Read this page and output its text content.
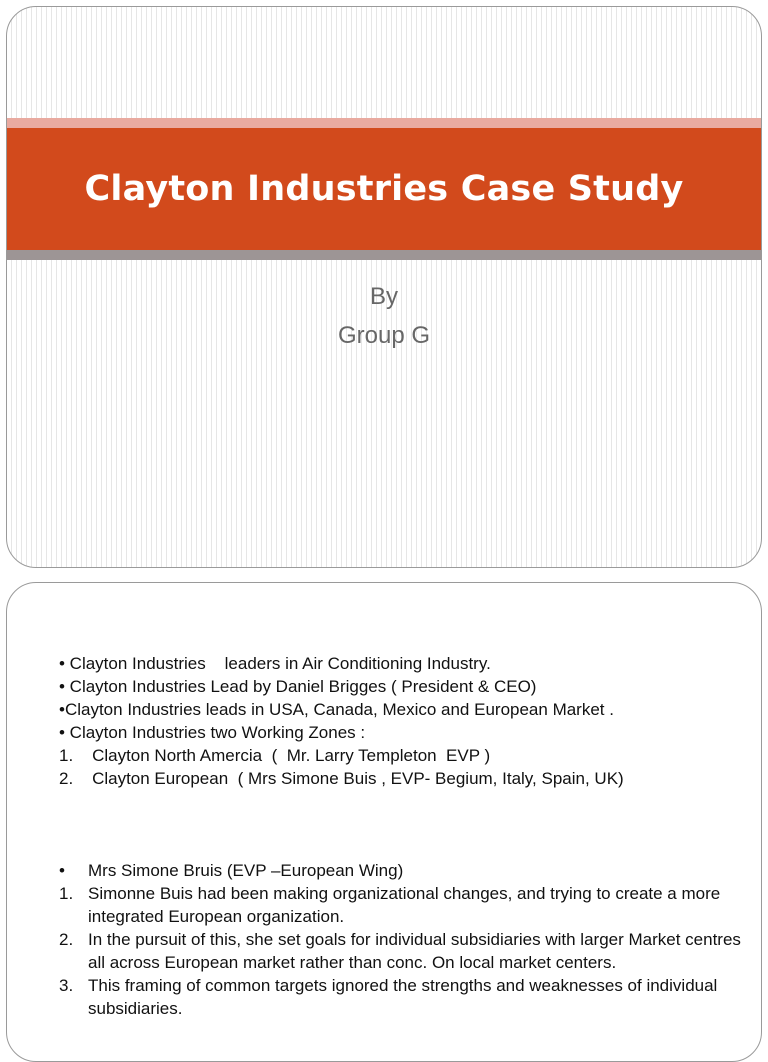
Clayton Industries Case Study
By
Group G
• Clayton Industries    leaders in Air Conditioning Industry.
• Clayton Industries Lead by Daniel Brigges ( President & CEO)
•Clayton Industries leads in USA, Canada, Mexico and European Market .
• Clayton Industries two Working Zones :
1.    Clayton North Amercia  (  Mr. Larry Templeton  EVP )
2.    Clayton European  ( Mrs Simone Buis , EVP- Begium, Italy, Spain, UK)
•	Mrs Simone Bruis (EVP –European Wing)
1. Simonne Buis had been making organizational changes, and trying to create a more integrated European organization.
2. In the pursuit of this, she set goals for individual subsidiaries with larger Market centres all across European market rather than conc. On local market centers.
3. This framing of common targets ignored the strengths and weaknesses of individual subsidiaries.
